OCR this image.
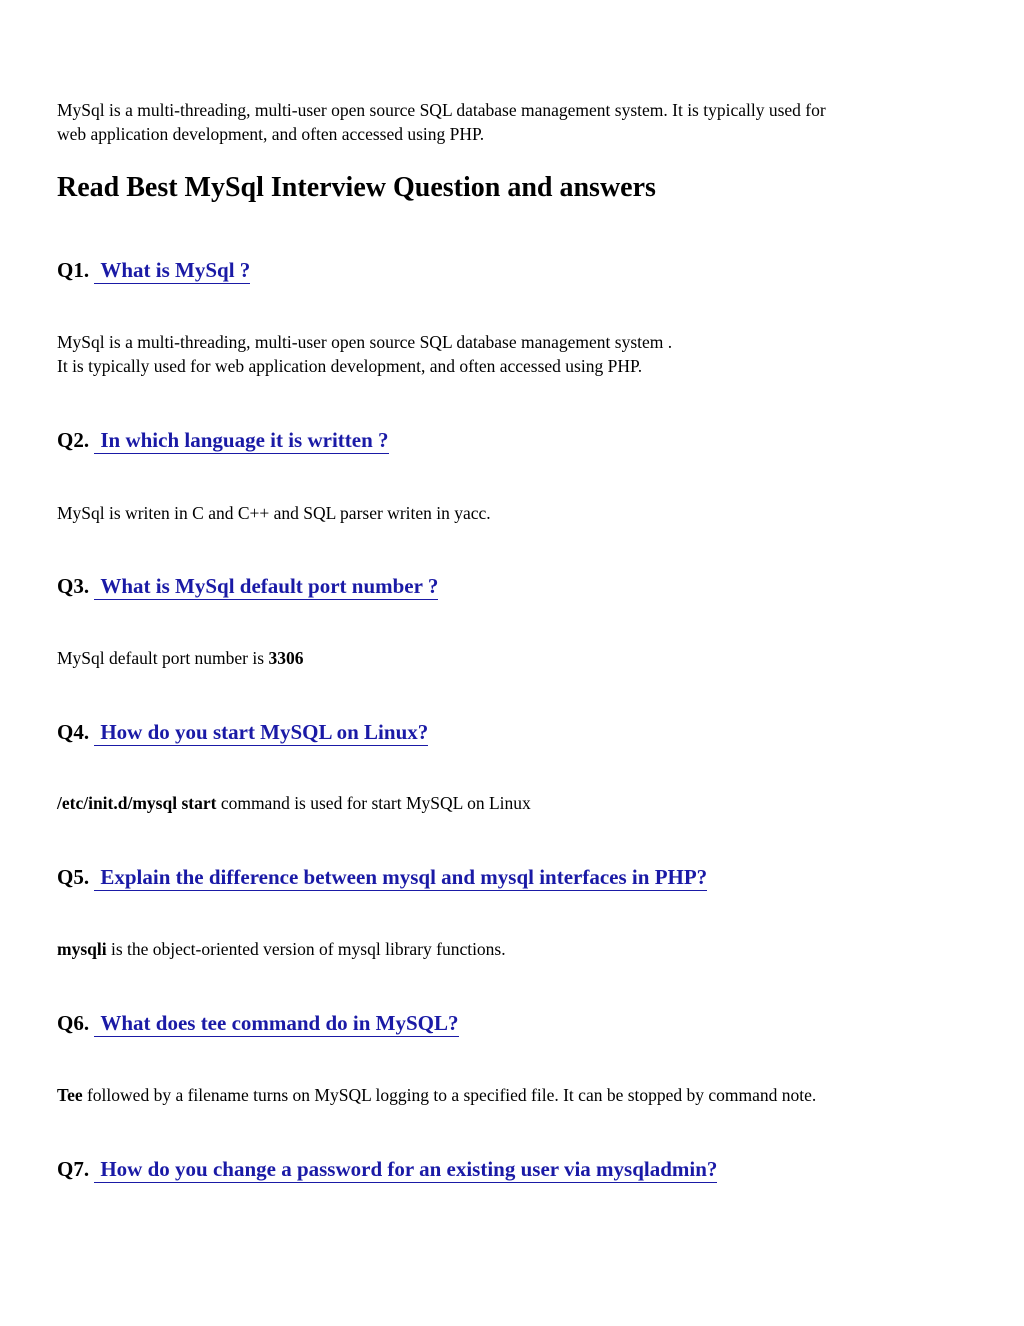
MySql is a multi-threading, multi-user open source SQL database management system. It is typically used for
web application development, and often accessed using PHP.

Read Best MySql Interview Question and answers
Q1. What is MySql ?

MySql is a multi-threading, multi-user open source SQL database management system .
It is typically used for web application development, and often accessed using PHP.

Q2. In which language it is written ?

MySql is writen in C and C++ and SQL parser writen in yacc.

Q3. What is MySql default port number ?

MySql default port number is 3306

Q4. How do you start MySQL on Linux?

/etc/init.d/mysql start command is used for start MySQL on Linux

Q5. Explain the difference between mysql and mysql interfaces in PHP?

mysqli is the object-oriented version of mysql library functions.

Q6. What does tee command do in MySQL?

Tee followed by a filename turns on MySQL logging to a specified file. It can be stopped by command note.

Q7. How do you change a password for an existing user via mysqladmin?
